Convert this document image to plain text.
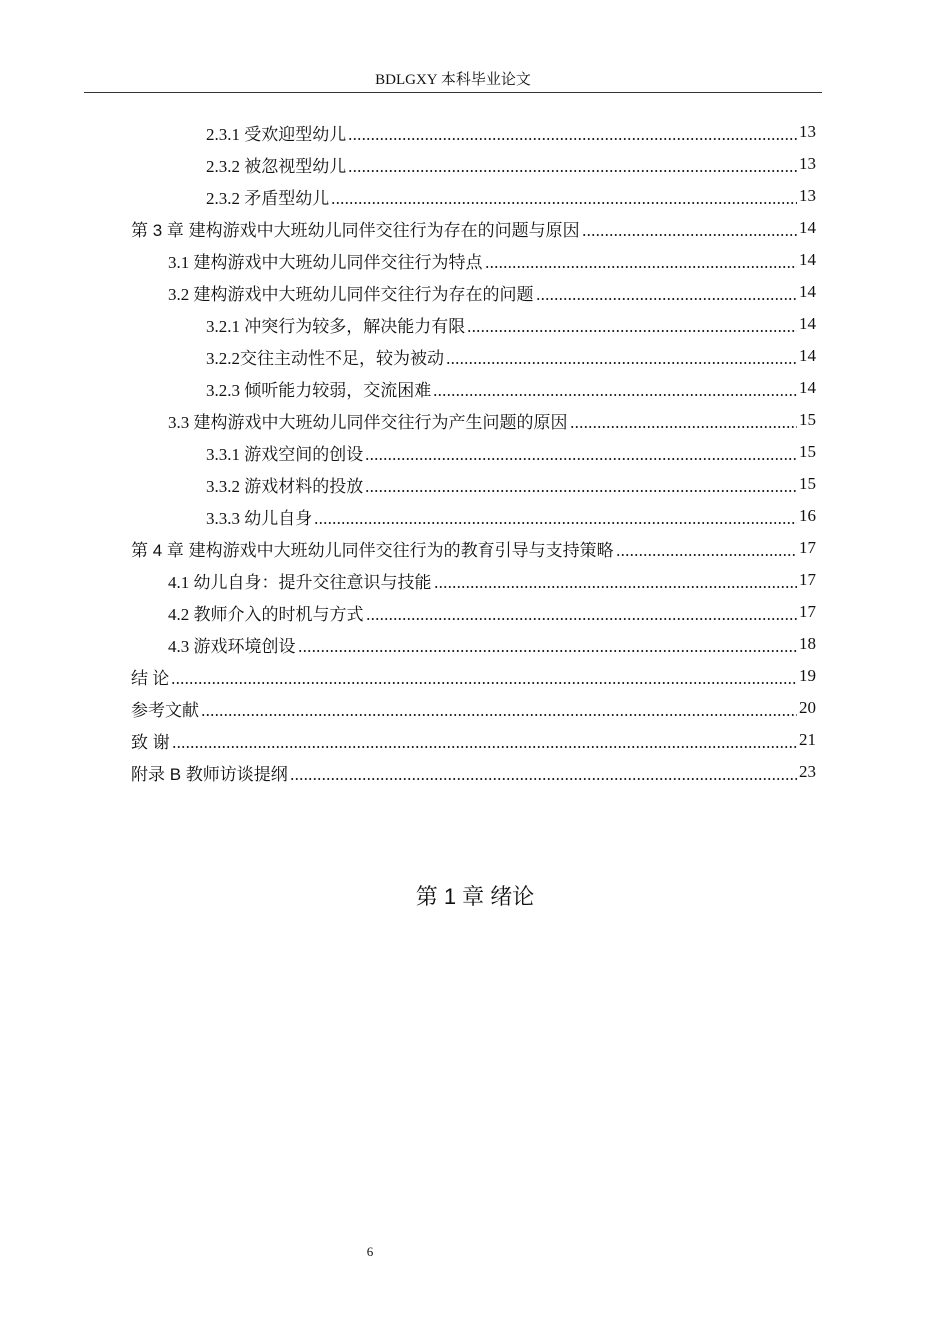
BDLGXY 本科毕业论文
2.3.1 受欢迎型幼儿	13
2.3.2 被忽视型幼儿	13
2.3.2 矛盾型幼儿	13
第 3 章 建构游戏中大班幼儿同伴交往行为存在的问题与原因	14
3.1 建构游戏中大班幼儿同伴交往行为特点	14
3.2 建构游戏中大班幼儿同伴交往行为存在的问题	14
3.2.1 冲突行为较多，解决能力有限	14
3.2.2交往主动性不足，较为被动	14
3.2.3 倾听能力较弱，交流困难	14
3.3 建构游戏中大班幼儿同伴交往行为产生问题的原因	15
3.3.1 游戏空间的创设	15
3.3.2 游戏材料的投放	15
3.3.3 幼儿自身	16
第 4 章 建构游戏中大班幼儿同伴交往行为的教育引导与支持策略	17
4.1 幼儿自身：提升交往意识与技能	17
4.2 教师介入的时机与方式	17
4.3 游戏环境创设	18
结 论	19
参考文献	20
致 谢	21
附录 B 教师访谈提纲	23
第 1 章 绪论
6
